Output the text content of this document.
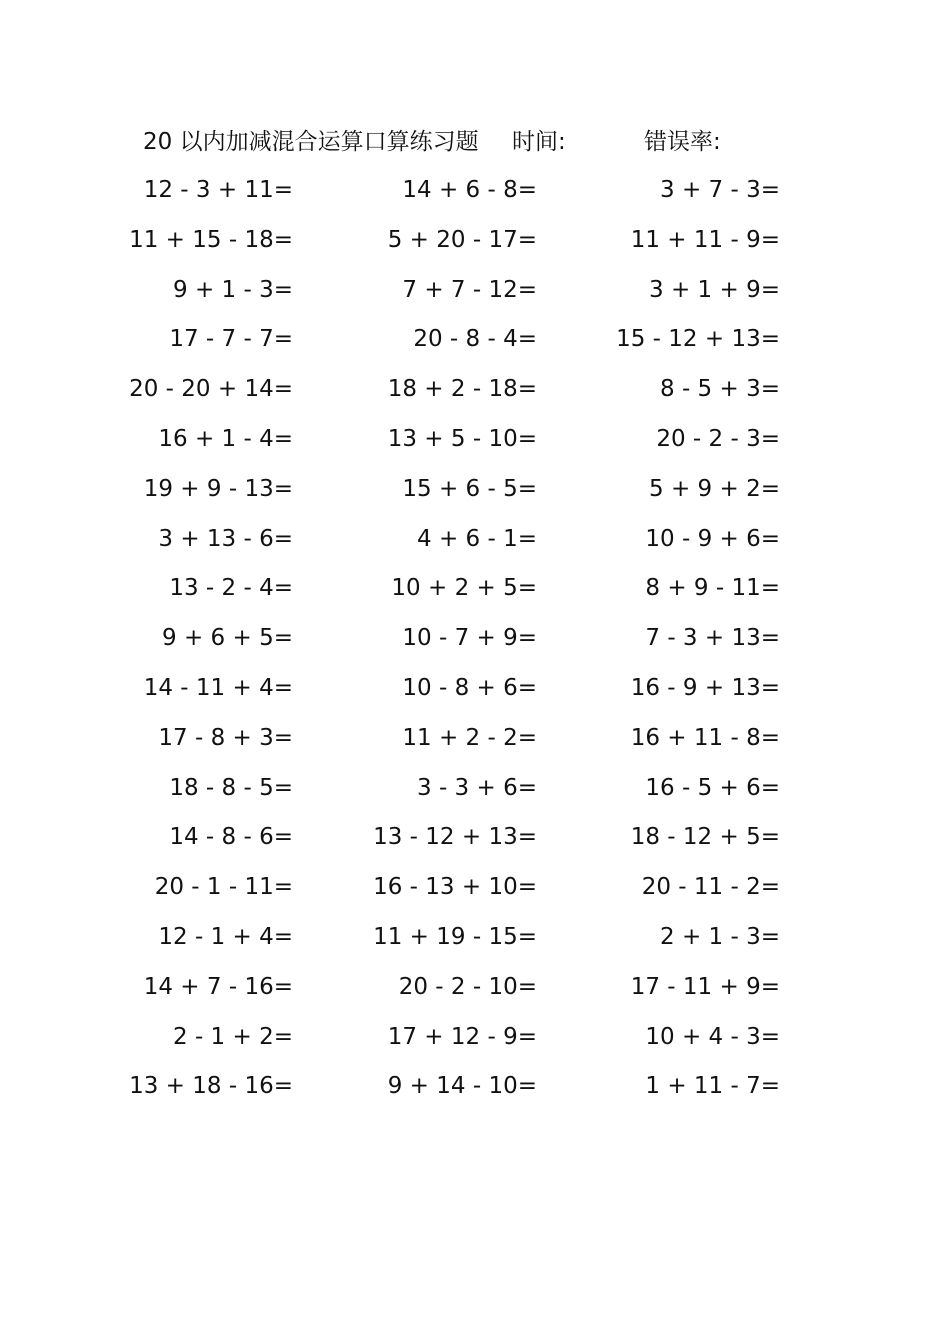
20 以内加减混合运算口算练习题 时间:	错误率:
12 - 3 + 11=	14 + 6 - 8=	3 + 7 - 3=
11 + 15 - 18=	5 + 20 - 17=	11 + 11 - 9=
9 + 1 - 3=	7 + 7 - 12=	3 + 1 + 9=
17 - 7 - 7=	20 - 8 - 4=	15 - 12 + 13=
20 - 20 + 14=	18 + 2 - 18=	8 - 5 + 3=
16 + 1 - 4=	13 + 5 - 10=	20 - 2 - 3=
19 + 9 - 13=	15 + 6 - 5=	5 + 9 + 2=
3 + 13 - 6=	4 + 6 - 1=	10 - 9 + 6=
13 - 2 - 4=	10 + 2 + 5=	8 + 9 - 11=
9 + 6 + 5=	10 - 7 + 9=	7 - 3 + 13=
14 - 11 + 4=	10 - 8 + 6=	16 - 9 + 13=
17 - 8 + 3=	11 + 2 - 2=	16 + 11 - 8=
18 - 8 - 5=	3 - 3 + 6=	16 - 5 + 6=
14 - 8 - 6=	13 - 12 + 13=	18 - 12 + 5=
20 - 1 - 11=	16 - 13 + 10=	20 - 11 - 2=
12 - 1 + 4=	11 + 19 - 15=	2 + 1 - 3=
14 + 7 - 16=	20 - 2 - 10=	17 - 11 + 9=
2 - 1 + 2=	17 + 12 - 9=	10 + 4 - 3=
13 + 18 - 16=	9 + 14 - 10=	1 + 11 - 7=
